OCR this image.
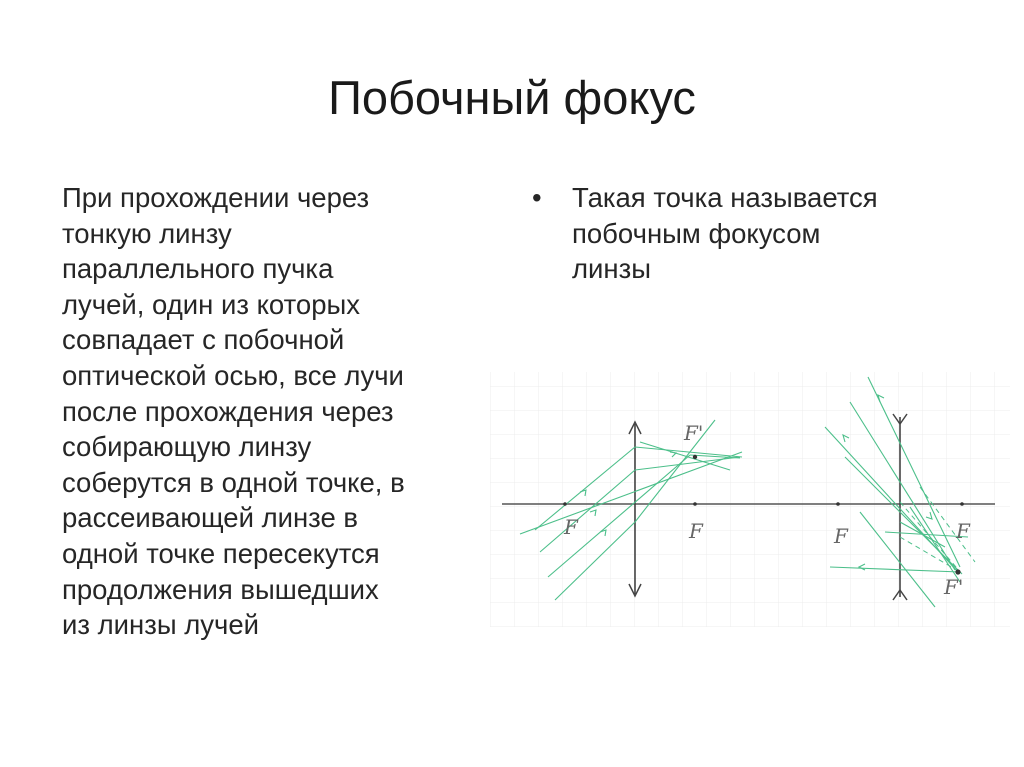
Побочный фокус
При прохождении через
тонкую линзу
параллельного пучка
лучей, один из которых
совпадает с побочной
оптической осью, все лучи
после прохождения через
собирающую линзу
соберутся в одной точке, в
рассеивающей линзе в
одной точке пересекутся
продолжения вышедших
из линзы лучей
• Такая точка называется
побочным фокусом
линзы
F	F
F'
F	F
F'
